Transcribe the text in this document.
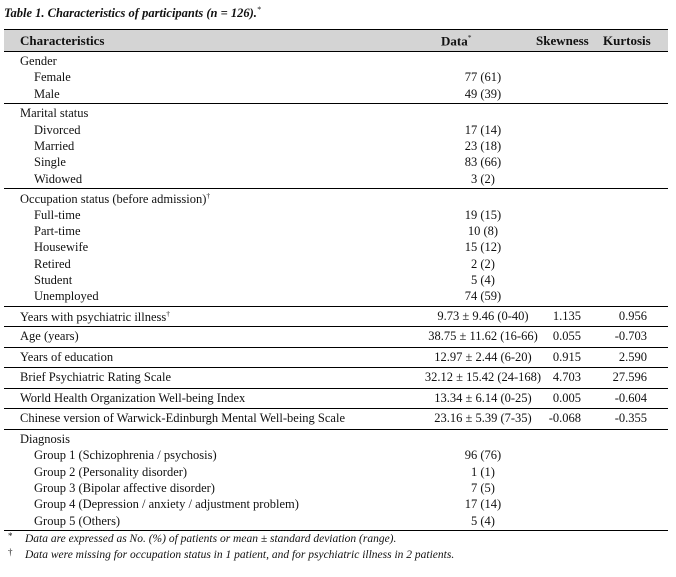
Table 1. Characteristics of participants (n = 126).*
Characteristics	Data*	Skewness Kurtosis
Gender
Female	77 (61)
Male	49 (39)
Marital status
Divorced	17 (14)
Married	23 (18)
Single	83 (66)
Widowed	3 (2)
Occupation status (before admission)†
Full-time	19 (15)
Part-time	10 (8)
Housewife	15 (12)
Retired	2 (2)
Student	5 (4)
Unemployed	74 (59)
Years with psychiatric illness†	9.73 ± 9.46 (0-40)	1.135	0.956
Age (years)	38.75 ± 11.62 (16-66)	0.055	-0.703
Years of education	12.97 ± 2.44 (6-20)	0.915	2.590
Brief Psychiatric Rating Scale	32.12 ± 15.42 (24-168) 4.703	27.596
World Health Organization Well-being Index	13.34 ± 6.14 (0-25)	0.005	-0.604
Chinese version of Warwick-Edinburgh Mental Well-being Scale	23.16 ± 5.39 (7-35)	-0.068	-0.355
Diagnosis
Group 1 (Schizophrenia / psychosis)	96 (76)
Group 2 (Personality disorder)	1 (1)
Group 3 (Bipolar affective disorder)	7 (5)
Group 4 (Depression / anxiety / adjustment problem)	17 (14)
Group 5 (Others)	5 (4)
* Data are expressed as No. (%) of patients or mean ± standard deviation (range).
† Data were missing for occupation status in 1 patient, and for psychiatric illness in 2 patients.
